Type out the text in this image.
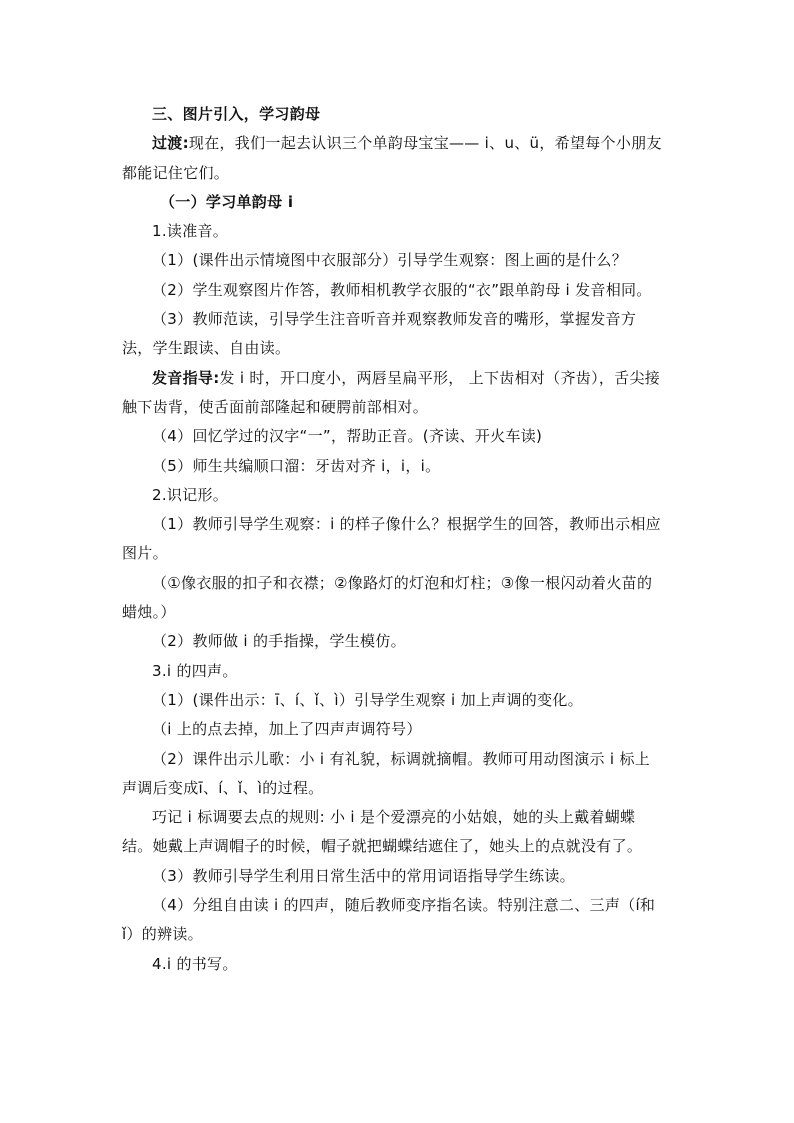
三、图片引入，学习韵母

过渡:现在，我们一起去认识三个单韵母宝宝—— i、u、ü，希望每个小朋友都能记住它们。

（一）学习单韵母 i

1.读准音。

（1）(课件出示情境图中衣服部分）引导学生观察：图上画的是什么？

（2）学生观察图片作答，教师相机教学衣服的“衣”跟单韵母 i 发音相同。

（3）教师范读，引导学生注音听音并观察教师发音的嘴形，掌握发音方法，学生跟读、自由读。

发音指导:发 i 时，开口度小，两唇呈扁平形， 上下齿相对（齐齿），舌尖接触下齿背，使舌面前部隆起和硬腭前部相对。

（4）回忆学过的汉字“一”，帮助正音。(齐读、开火车读)

（5）师生共编顺口溜：牙齿对齐 i，i，i。

2.识记形。

（1）教师引导学生观察：i 的样子像什么？根据学生的回答，教师出示相应图片。

（①像衣服的扣子和衣襟；②像路灯的灯泡和灯柱；③像一根闪动着火苗的蜡烛。）

（2）教师做 i 的手指操，学生模仿。

3.i 的四声。

（1）(课件出示：ī、í、ǐ、ì）引导学生观察 i 加上声调的变化。

（i 上的点去掉，加上了四声声调符号）

（2）课件出示儿歌：小 i 有礼貌，标调就摘帽。教师可用动图演示 i 标上声调后变成ī、í、ǐ、ì的过程。

巧记 i 标调要去点的规则: 小 i 是个爱漂亮的小姑娘，她的头上戴着蝴蝶结。她戴上声调帽子的时候，帽子就把蝴蝶结遮住了，她头上的点就没有了。

（3）教师引导学生利用日常生活中的常用词语指导学生练读。

（4）分组自由读 i 的四声，随后教师变序指名读。特别注意二、三声（í和ǐ）的辨读。

4.i 的书写。
